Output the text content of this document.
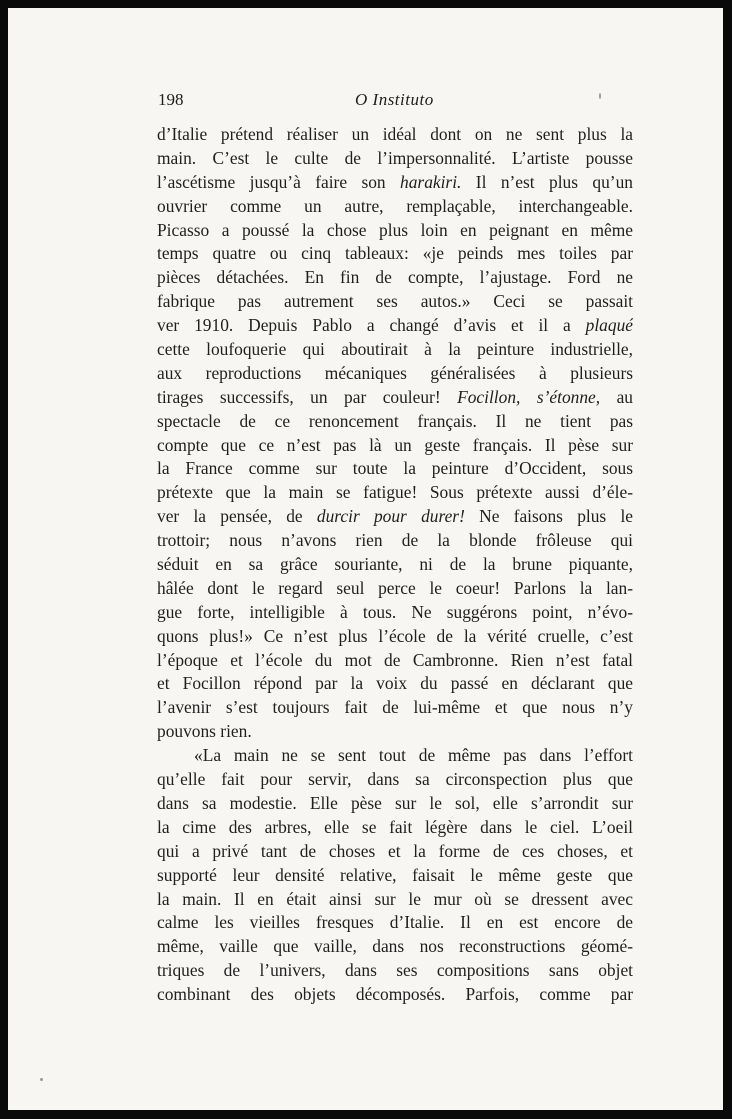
198	O Instituto
d’Italie prétend réaliser un idéal dont on ne sent plus la
main. C’est le culte de l’impersonnalité. L’artiste pousse
l’ascétisme jusqu’à faire son harakiri. Il n’est plus qu’un
ouvrier comme un autre, remplaçable, interchangeable.
Picasso a poussé la chose plus loin en peignant en même
temps quatre ou cinq tableaux: «je peinds mes toiles par
pièces détachées. En fin de compte, l’ajustage. Ford ne
fabrique pas autrement ses autos.» Ceci se passait
ver 1910. Depuis Pablo a changé d’avis et il a plaqué
cette loufoquerie qui aboutirait à la peinture industrielle,
aux reproductions mécaniques généralisées à plusieurs
tirages successifs, un par couleur! Focillon, s’étonne, au
spectacle de ce renoncement français. Il ne tient pas
compte que ce n’est pas là un geste français. Il pèse sur
la France comme sur toute la peinture d’Occident, sous
prétexte que la main se fatigue! Sous prétexte aussi d’éle-
ver la pensée, de durcir pour durer! Ne faisons plus le
trottoir; nous n’avons rien de la blonde frôleuse qui
séduit en sa grâce souriante, ni de la brune piquante,
hâlée dont le regard seul perce le coeur! Parlons la lan-
gue forte, intelligible à tous. Ne suggérons point, n’évo-
quons plus!» Ce n’est plus l’école de la vérité cruelle, c’est
l’époque et l’école du mot de Cambronne. Rien n’est fatal
et Focillon répond par la voix du passé en déclarant que
l’avenir s’est toujours fait de lui-même et que nous n’y
pouvons rien.
«La main ne se sent tout de même pas dans l’effort
qu’elle fait pour servir, dans sa circonspection plus que
dans sa modestie. Elle pèse sur le sol, elle s’arrondit sur
la cime des arbres, elle se fait légère dans le ciel. L’oeil
qui a privé tant de choses et la forme de ces choses, et
supporté leur densité relative, faisait le même geste que
la main. Il en était ainsi sur le mur où se dressent avec
calme les vieilles fresques d’Italie. Il en est encore de
même, vaille que vaille, dans nos reconstructions géomé-
triques de l’univers, dans ses compositions sans objet
combinant des objets décomposés. Parfois, comme par
